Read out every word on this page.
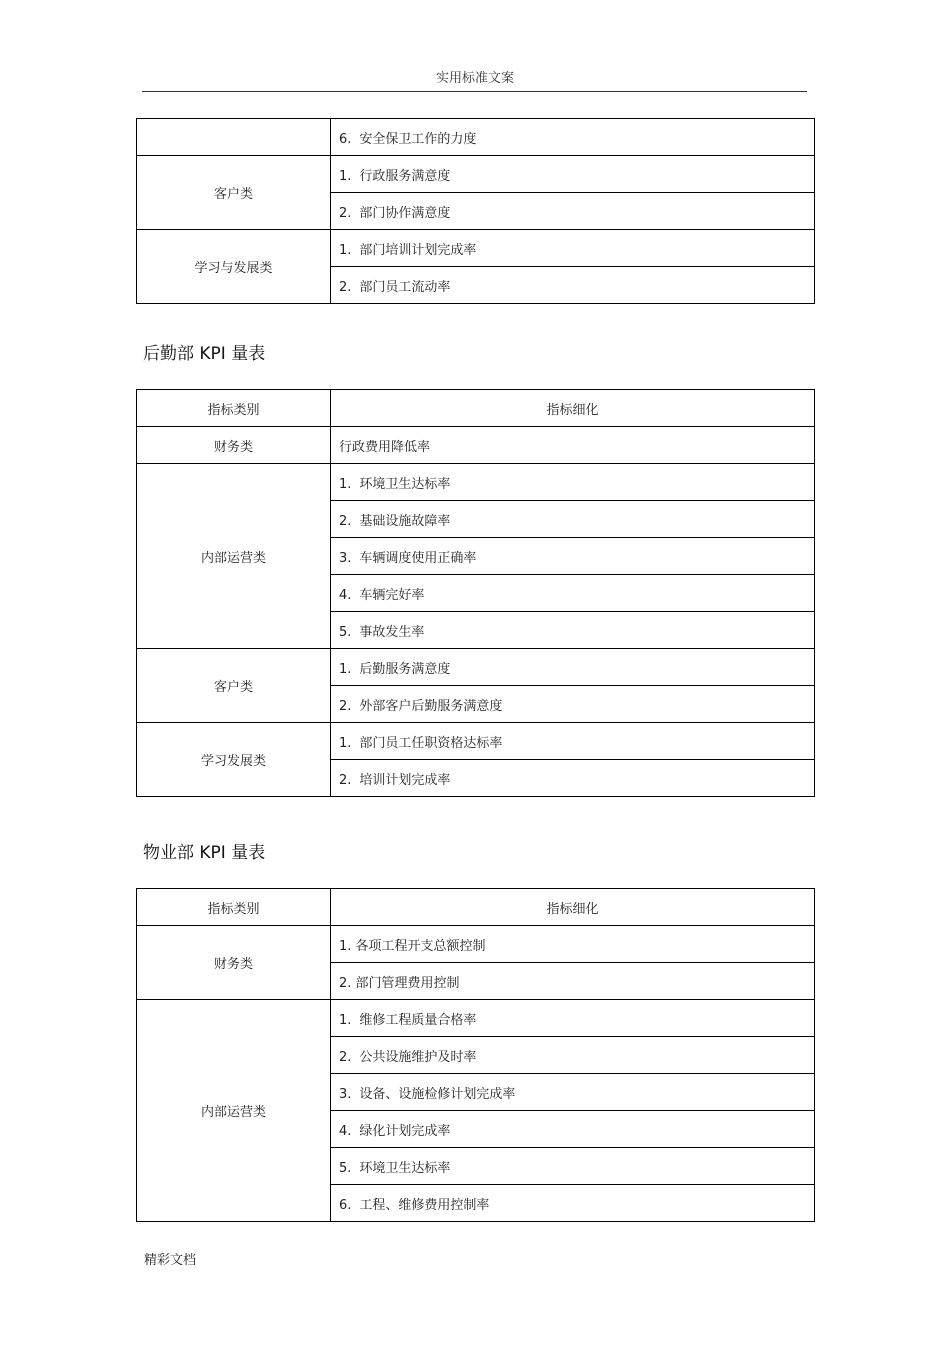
实用标准文案
	6. 安全保卫工作的力度
客户类	1. 行政服务满意度
	2. 部门协作满意度
学习与发展类	1. 部门培训计划完成率
	2. 部门员工流动率
后勤部 KPI 量表
指标类别	指标细化
财务类	行政费用降低率
内部运营类	1. 环境卫生达标率
	2. 基础设施故障率
	3. 车辆调度使用正确率
	4. 车辆完好率
	5. 事故发生率
客户类	1. 后勤服务满意度
	2. 外部客户后勤服务满意度
学习发展类	1. 部门员工任职资格达标率
	2. 培训计划完成率
物业部 KPI 量表
指标类别	指标细化
财务类	1. 各项工程开支总额控制
	2. 部门管理费用控制
内部运营类	1. 维修工程质量合格率
	2. 公共设施维护及时率
	3. 设备、设施检修计划完成率
	4. 绿化计划完成率
	5. 环境卫生达标率
	6. 工程、维修费用控制率
精彩文档
